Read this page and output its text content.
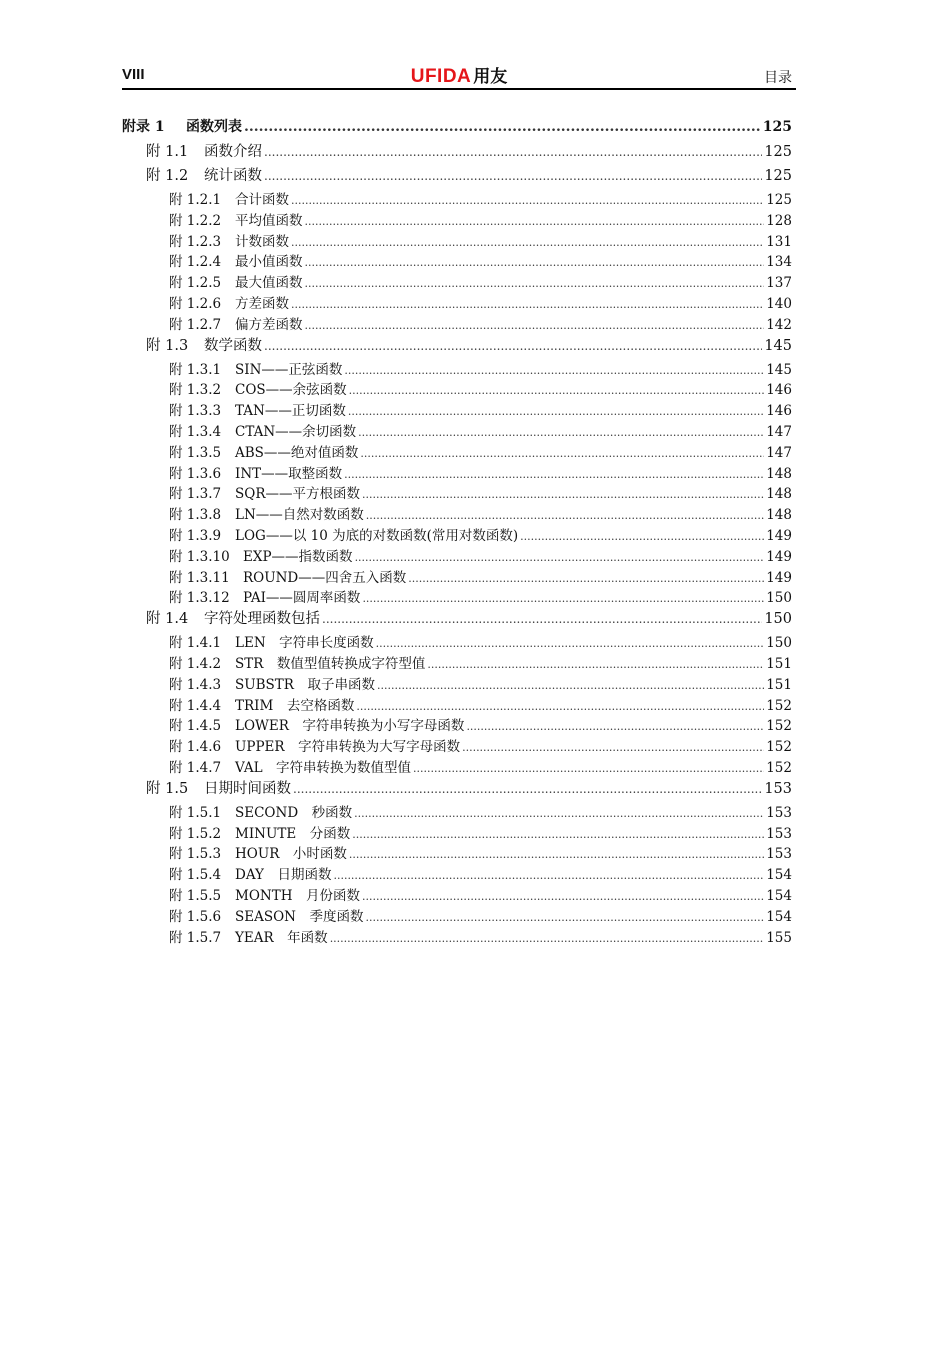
VIII	UFIDA 用友	目录
附录 1	函数列表 .....	125
附 1.1	函数介绍 .....	125
附 1.2	统计函数 .....	125
附 1.2.1	合计函数 .....	125
附 1.2.2	平均值函数 .....	128
附 1.2.3	计数函数 .....	131
附 1.2.4	最小值函数 .....	134
附 1.2.5	最大值函数 .....	137
附 1.2.6	方差函数 .....	140
附 1.2.7	偏方差函数 .....	142
附 1.3	数学函数 .....	145
附 1.3.1	SIN——正弦函数 .....	145
附 1.3.2	COS——余弦函数 .....	146
附 1.3.3	TAN——正切函数 .....	146
附 1.3.4	CTAN——余切函数 .....	147
附 1.3.5	ABS——绝对值函数 .....	147
附 1.3.6	INT——取整函数 .....	148
附 1.3.7	SQR——平方根函数 .....	148
附 1.3.8	LN——自然对数函数 .....	148
附 1.3.9	LOG——以 10 为底的对数函数(常用对数函数) .....	149
附 1.3.10 EXP——指数函数 .....	149
附 1.3.11 ROUND——四舍五入函数 .....	149
附 1.3.12 PAI——圆周率函数 .....	150
附 1.4	字符处理函数包括 .....	150
附 1.4.1	LEN　字符串长度函数 .....	150
附 1.4.2	STR　数值型值转换成字符型值 .....	151
附 1.4.3	SUBSTR　取子串函数 .....	151
附 1.4.4	TRIM　去空格函数 .....	152
附 1.4.5	LOWER　字符串转换为小写字母函数 .....	152
附 1.4.6	UPPER　字符串转换为大写字母函数 .....	152
附 1.4.7	VAL　字符串转换为数值型值 .....	152
附 1.5	日期时间函数 .....	153
附 1.5.1	SECOND　秒函数 .....	153
附 1.5.2	MINUTE　分函数 .....	153
附 1.5.3	HOUR　小时函数 .....	153
附 1.5.4	DAY　日期函数 .....	154
附 1.5.5	MONTH　月份函数 .....	154
附 1.5.6	SEASON　季度函数 .....	154
附 1.5.7	YEAR　年函数 .....	155
